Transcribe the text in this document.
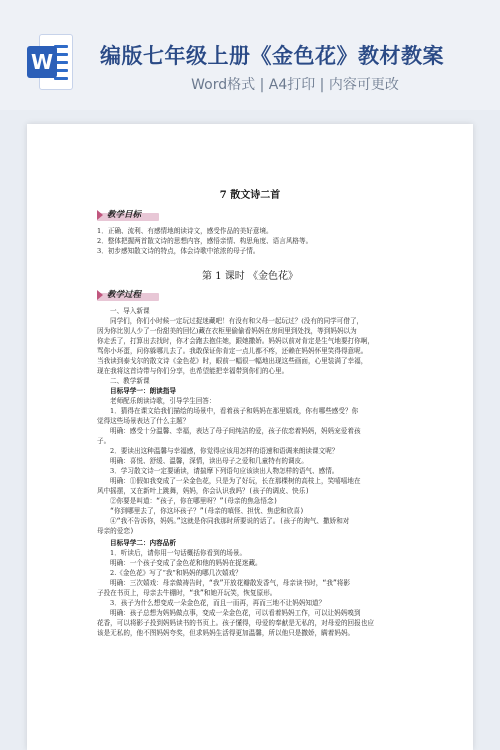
W 编版七年级上册《金色花》教材教案
Word格式 | A4打印 | 内容可更改
7 散文诗二首
教学目标
1．正确、流利、有感情地朗读诗文，感受作品的美好意境。
2．整体把握两首散文诗的思想内容，感悟亲情、构思角度、语言风格等。
3．初步感知散文诗的特点，体会诗歌中浓浓的母子情。
第 1 课时 《金色花》
教学过程
一、导入新课
同学们，你们小时候一定玩过捉迷藏吧！有没有和父母一起玩过？(没有的同学可借了，
因为你比别人少了一份甜美的回忆)藏在衣柜里偷偷看妈妈在房间里到处找，等到妈妈以为
你走丢了，打算出去找时，你才会跑去抱住她，跟她撒娇。妈妈以前对肯定是生气地要打你啊，
骂你小坏蛋，问你躲哪儿去了。我敢保证你肯定一点儿都不疼，还赖在妈妈怀里笑得得意呢。
当我读到泰戈尔的散文诗《金色花》时，眼前一幅很一幅地出现这些画面，心里装满了幸福，
现在我将这首诗带与你们分享，也希望能把幸福带到你们的心里。
二、教学新课
目标导学一：朗读指导
老师配乐朗读诗歌，引导学生回答：
1．猜得在课文给我们描绘的场景中，看着孩子和妈妈在那里嬉戏，你有哪些感受？你
觉得这些场景表达了什么主题？
明确：感受十分温馨、幸福，表达了母子间纯洁的爱，孩子依恋着妈妈，妈妈宠爱着孩
子。
2．要读出这种温馨与幸福感，你觉得应该用怎样的语速和语调来朗读课文呢？
明确：喜悦、舒缓、温馨，深情，读出母子之爱和几童特有的调皮。
3．学习散文诗一定要诵读，请揣摩下列语句应该读出人物怎样的语气、感情。
明确：①假如我变成了一朵金色花，只是为了好玩，长在那棵树的高枝上，笑嘻嘻地在
风中摇摆，又在新叶上跳舞，妈妈，你会认识我吗？(孩子的调皮、快乐)
②你要是叫道：“孩子，你在哪里呀？”(母亲的焦急悟念)
“你到哪里去了，你这坏孩子？”(母亲的嗔怪、担忧、焦虑和欣喜)
④“我不告诉你，妈妈。”这就是你同我那时所要说的话了。(孩子的淘气、撒娇和对
母亲的爱恋)
目标导学二：内容品析
1．听读后，请你用一句话概括你看到的场景。
明确：一个孩子变成了金色花和他的妈妈在捉迷藏。
2.《金色花》写了“我”和妈妈的哪几次嬉戏？
明确：三次嬉戏：母亲做祷告时，“我”开放花瓣散发香气，母亲读书时，“我”将影
子投在书页上，母亲去牛棚时，“我”和她开玩笑，恢复原形。
3．孩子为什么想变成一朵金色花，而且一而再，再而三地不让妈妈知道？
明确：孩子总想为妈妈做点事，变成一朵金色花，可以看着妈妈工作，可以让妈妈嗅到
花香，可以将影子投到妈妈读书的书页上。孩子懂得，母爱的奉献是无私的，对母爱的回报也应
该是无私的，他不图妈妈夸奖，但求妈妈生活得更加温馨，所以他只是撒娇，瞒着妈妈。
